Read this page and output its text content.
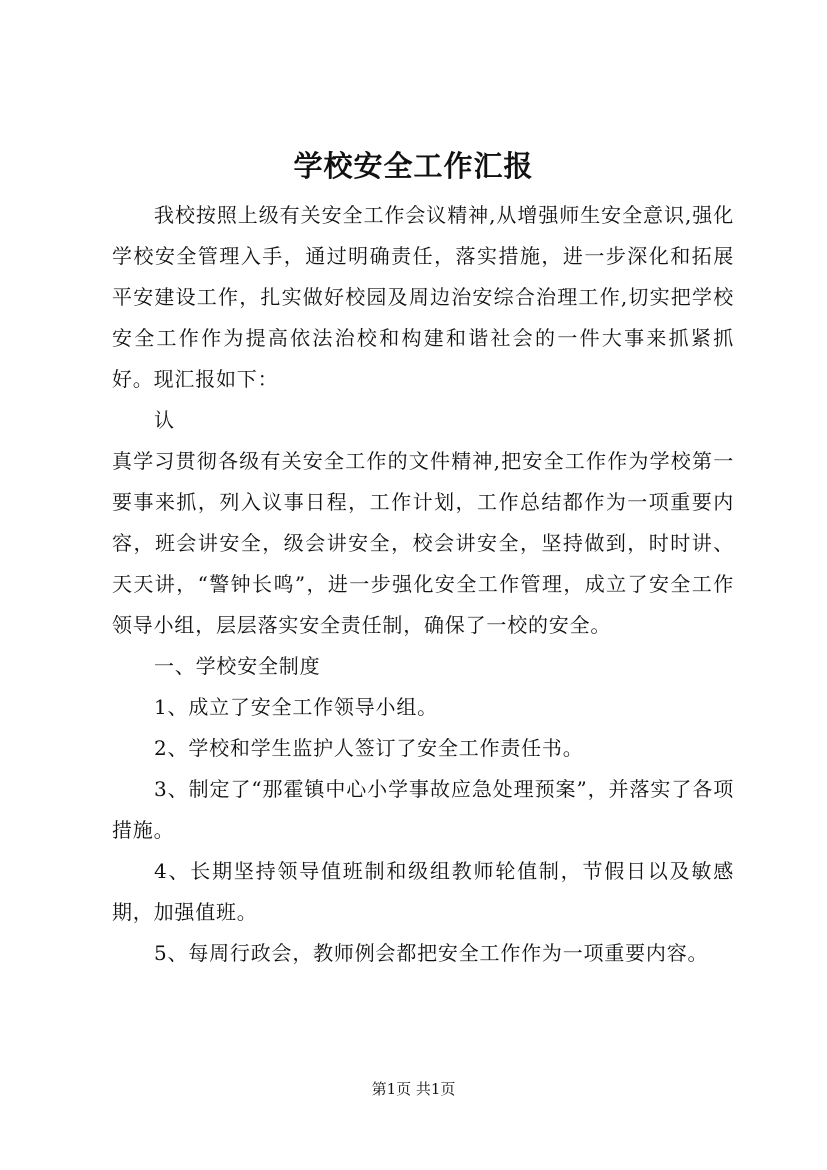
学校安全工作汇报

我校按照上级有关安全工作会议精神,从增强师生安全意识,强化学校安全管理入手，通过明确责任，落实措施，进一步深化和拓展平安建设工作，扎实做好校园及周边治安综合治理工作,切实把学校安全工作作为提高依法治校和构建和谐社会的一件大事来抓紧抓好。现汇报如下：

认

真学习贯彻各级有关安全工作的文件精神,把安全工作作为学校第一要事来抓，列入议事日程，工作计划，工作总结都作为一项重要内容，班会讲安全，级会讲安全，校会讲安全，坚持做到，时时讲、天天讲，“警钟长鸣”，进一步强化安全工作管理，成立了安全工作领导小组，层层落实安全责任制，确保了一校的安全。

一、学校安全制度

1、成立了安全工作领导小组。

2、学校和学生监护人签订了安全工作责任书。

3、制定了“那霍镇中心小学事故应急处理预案”，并落实了各项措施。

4、长期坚持领导值班制和级组教师轮值制，节假日以及敏感期，加强值班。

5、每周行政会，教师例会都把安全工作作为一项重要内容。

第1页 共1页
